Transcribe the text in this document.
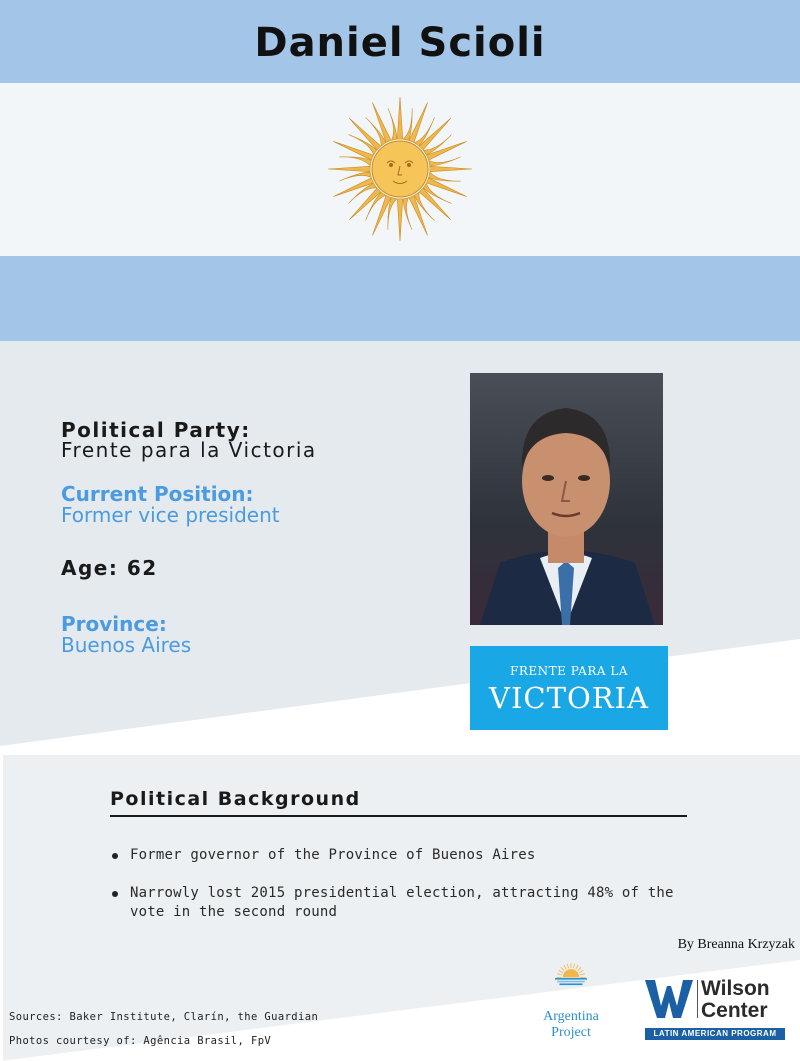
Daniel Scioli
Political Party:
Frente para la Victoria
Current Position:
Former vice president
Age: 62
Province:
Buenos Aires
FRENTE PARA LA
VICTORIA
Political Background
Former governor of the Province of Buenos Aires
Narrowly lost 2015 presidential election, attracting 48% of the vote in the second round
By Breanna Krzyzak
Sources: Baker Institute, Clarín, the Guardian
Photos courtesy of: Agência Brasil, FpV
Argentina
Project
Wilson
Center
LATIN AMERICAN PROGRAM
